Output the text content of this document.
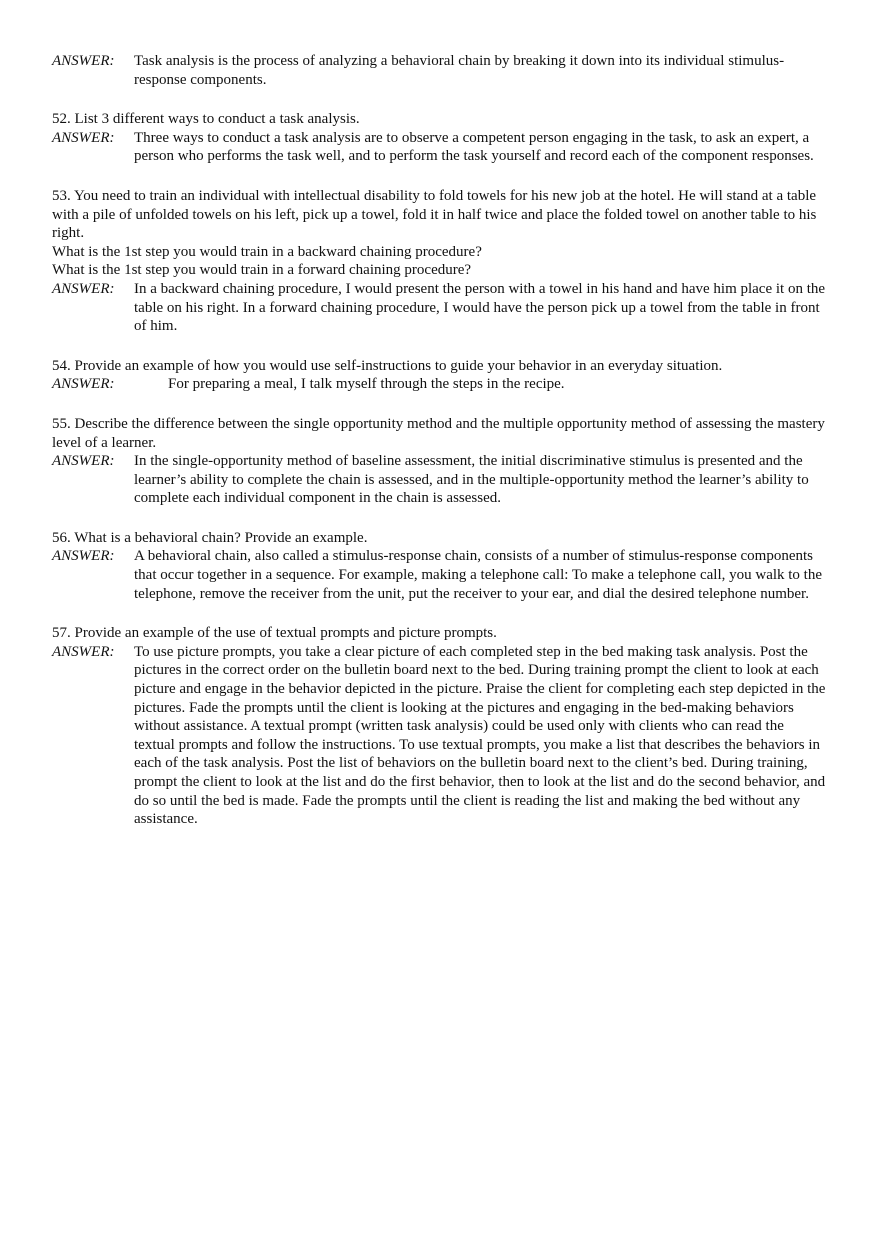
ANSWER:	Task analysis is the process of analyzing a behavioral chain by breaking it down into its individual stimulus-response components.

52. List 3 different ways to conduct a task analysis.

ANSWER:	Three ways to conduct a task analysis are to observe a competent person engaging in the task, to ask an expert, a person who performs the task well, and to perform the task yourself and record each of the component responses.

53. You need to train an individual with intellectual disability to fold towels for his new job at the hotel. He will stand at a table with a pile of unfolded towels on his left, pick up a towel, fold it in half twice and place the folded towel on another table to his right.

What is the 1st step you would train in a backward chaining procedure?

What is the 1st step you would train in a forward chaining procedure?

ANSWER:	In a backward chaining procedure, I would present the person with a towel in his hand and have him place it on the table on his right. In a forward chaining procedure, I would have the person pick up a towel from the table in front of him.

54. Provide an example of how you would use self-instructions to guide your behavior in an everyday situation.

ANSWER:	For preparing a meal, I talk myself through the steps in the recipe.

55. Describe the difference between the single opportunity method and the multiple opportunity method of assessing the mastery level of a learner.

ANSWER:	In the single-opportunity method of baseline assessment, the initial discriminative stimulus is presented and the learner’s ability to complete the chain is assessed, and in the multiple-opportunity method the learner’s ability to complete each individual component in the chain is assessed.

56. What is a behavioral chain? Provide an example.

ANSWER:	A behavioral chain, also called a stimulus-response chain, consists of a number of stimulus-response components that occur together in a sequence. For example, making a telephone call: To make a telephone call, you walk to the telephone, remove the receiver from the unit, put the receiver to your ear, and dial the desired telephone number.

57. Provide an example of the use of textual prompts and picture prompts.

ANSWER:	To use picture prompts, you take a clear picture of each completed step in the bed making task analysis. Post the pictures in the correct order on the bulletin board next to the bed. During training prompt the client to look at each picture and engage in the behavior depicted in the picture. Praise the client for completing each step depicted in the pictures. Fade the prompts until the client is looking at the pictures and engaging in the bed-making behaviors without assistance. A textual prompt (written task analysis) could be used only with clients who can read the textual prompts and follow the instructions. To use textual prompts, you make a list that describes the behaviors in each of the task analysis. Post the list of behaviors on the bulletin board next to the client’s bed. During training, prompt the client to look at the list and do the first behavior, then to look at the list and do the second behavior, and do so until the bed is made. Fade the prompts until the client is reading the list and making the bed without any assistance.
